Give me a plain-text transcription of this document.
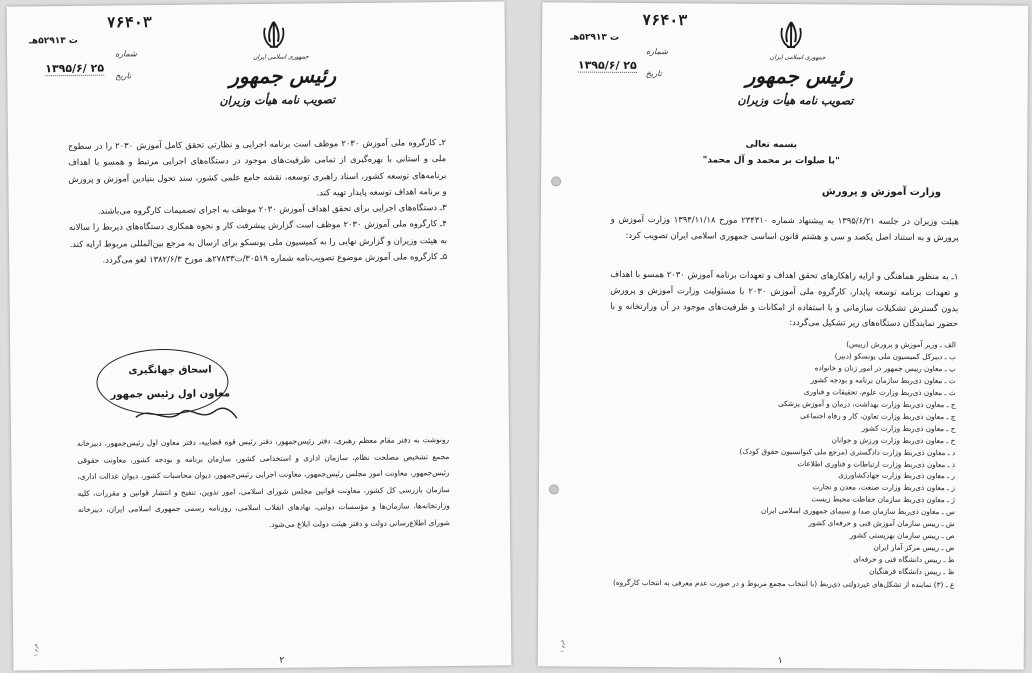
۷۶۴۰۳
ت ۵۲۹۱۳هـ
شماره
تاریخ
۱۳۹۵/۶/ ۲۵
جمهوری اسلامی ایران
رئیس جمهور
تصویب نامه هیأت وزیران

۲ـ کارگروه ملی آموزش ۲۰۳۰ موظف است برنامه اجرایی و نظارتی تحقق کامل آموزش ۲۰۳۰ را در سطوح ملی و استانی با بهره‌گیری از تمامی ظرفیت‌های موجود در دستگاه‌های اجرایی مرتبط و همسو با اهداف برنامه‌های توسعه کشور، اسناد راهبری توسعه، نقشه جامع علمی کشور، سند تحول بنیادین آموزش و پرورش و برنامه اهداف توسعه پایدار تهیه کند.

۳ـ دستگاه‌های اجرایی برای تحقق اهداف آموزش ۲۰۳۰ موظف به اجرای تصمیمات کارگروه می‌باشند.

۴ـ کارگروه ملی آموزش ۲۰۳۰ موظف است گزارش پیشرفت کار و نحوه همکاری دستگاه‌های ذیربط را سالانه به هیئت وزیران و گزارش نهایی را به کمیسیون ملی یونسکو برای ارسال به مرجع بین‌المللی مربوط ارایه کند.

۵ـ کارگروه ملی آموزش موضوع تصویب‌نامه شماره ۳۰۵۱۹/ت۲۷۸۳۳هـ مورخ ۱۳۸۲/۶/۳ لغو می‌گردد.

اسحاق جهانگیری
معاون اول رئیس جمهور
رونوشت به دفتر مقام معظم رهبری، دفتر رئیس‌جمهور، دفتر رئیس قوه قضاییه، دفتر معاون اول رئیس‌جمهور، دبیرخانه مجمع تشخیص مصلحت نظام، سازمان اداری و استخدامی کشور، سازمان برنامه و بودجه کشور، معاونت حقوقی رئیس‌جمهور، معاونت امور مجلس رئیس‌جمهور، معاونت اجرایی رئیس‌جمهور، دیوان محاسبات کشور، دیوان عدالت اداری، سازمان بازرسی کل کشور، معاونت قوانین مجلس شورای اسلامی، امور تدوین، تنقیح و انتشار قوانین و مقررات، کلیه وزارتخانه‌ها، سازمان‌ها و مؤسسات دولتی، نهادهای انقلاب اسلامی، روزنامه رسمی جمهوری اسلامی ایران، دبیرخانه شورای اطلاع‌رسانی دولت و دفتر هیئت دولت ابلاغ می‌شود.
فرم ۱
۲
۷۶۴۰۳
ت ۵۲۹۱۳هـ
شماره
تاریخ
۱۳۹۵/۶/ ۲۵
جمهوری اسلامی ایران
رئیس جمهور
تصویب نامه هیأت وزیران
بسمه تعالی
"با صلوات بر محمد و آل محمد"
وزارت آموزش و پرورش
هیئت وزیران در جلسه ۱۳۹۵/۶/۲۱ به پیشنهاد شماره ۲۳۴۳۱۰ مورخ ۱۳۹۴/۱۱/۱۸ وزارت آموزش و پرورش و به استناد اصل یکصد و سی و هشتم قانون اساسی جمهوری اسلامی ایران تصویب کرد:
۱ـ به منظور هماهنگی و ارایه راهکارهای تحقق اهداف و تعهدات برنامه آموزش ۲۰۳۰ همسو با اهداف و تعهدات برنامه توسعه پایدار، کارگروه ملی آموزش ۲۰۳۰ با مسئولیت وزارت آموزش و پرورش بدون گسترش تشکیلات سازمانی و با استفاده از امکانات و ظرفیت‌های موجود در آن وزارتخانه و با حضور نمایندگان دستگاه‌های زیر تشکیل می‌گردد:
الف ـ وزیر آموزش و پرورش (رییس)
ب ـ دبیرکل کمیسیون ملی یونسکو (دبیر)
پ ـ معاون رییس جمهور در امور زنان و خانواده
ت ـ معاون ذی‌ربط سازمان برنامه و بودجه کشور
ث ـ معاون ذی‌ربط وزارت علوم، تحقیقات و فناوری
ج ـ معاون ذی‌ربط وزارت بهداشت، درمان و آموزش پزشکی
چ ـ معاون ذی‌ربط وزارت تعاون، کار و رفاه اجتماعی
ح ـ معاون ذی‌ربط وزارت کشور
خ ـ معاون ذی‌ربط وزارت ورزش و جوانان
د ـ معاون ذی‌ربط وزارت دادگستری (مرجع ملی کنوانسیون حقوق کودک)
ذ ـ معاون ذی‌ربط وزارت ارتباطات و فناوری اطلاعات
ر ـ معاون ذی‌ربط وزارت جهادکشاورزی
ز ـ معاون ذی‌ربط وزارت صنعت، معدن و تجارت
ژ ـ معاون ذی‌ربط سازمان حفاظت محیط زیست
س ـ معاون ذی‌ربط سازمان صدا و سیمای جمهوری اسلامی ایران
ش ـ رییس سازمان آموزش فنی و حرفه‌ای کشور
ص ـ رییس سازمان بهزیستی کشور
ض ـ رییس مرکز آمار ایران
ط ـ رییس دانشگاه فنی و حرفه‌ای
ظ ـ رییس دانشگاه فرهنگیان
ع ـ (۳) نماینده از تشکل‌های غیردولتی ذی‌ربط (با انتخاب مجمع مربوط و در صورت عدم معرفی به انتخاب کارگروه)
فرم ۱
۱
